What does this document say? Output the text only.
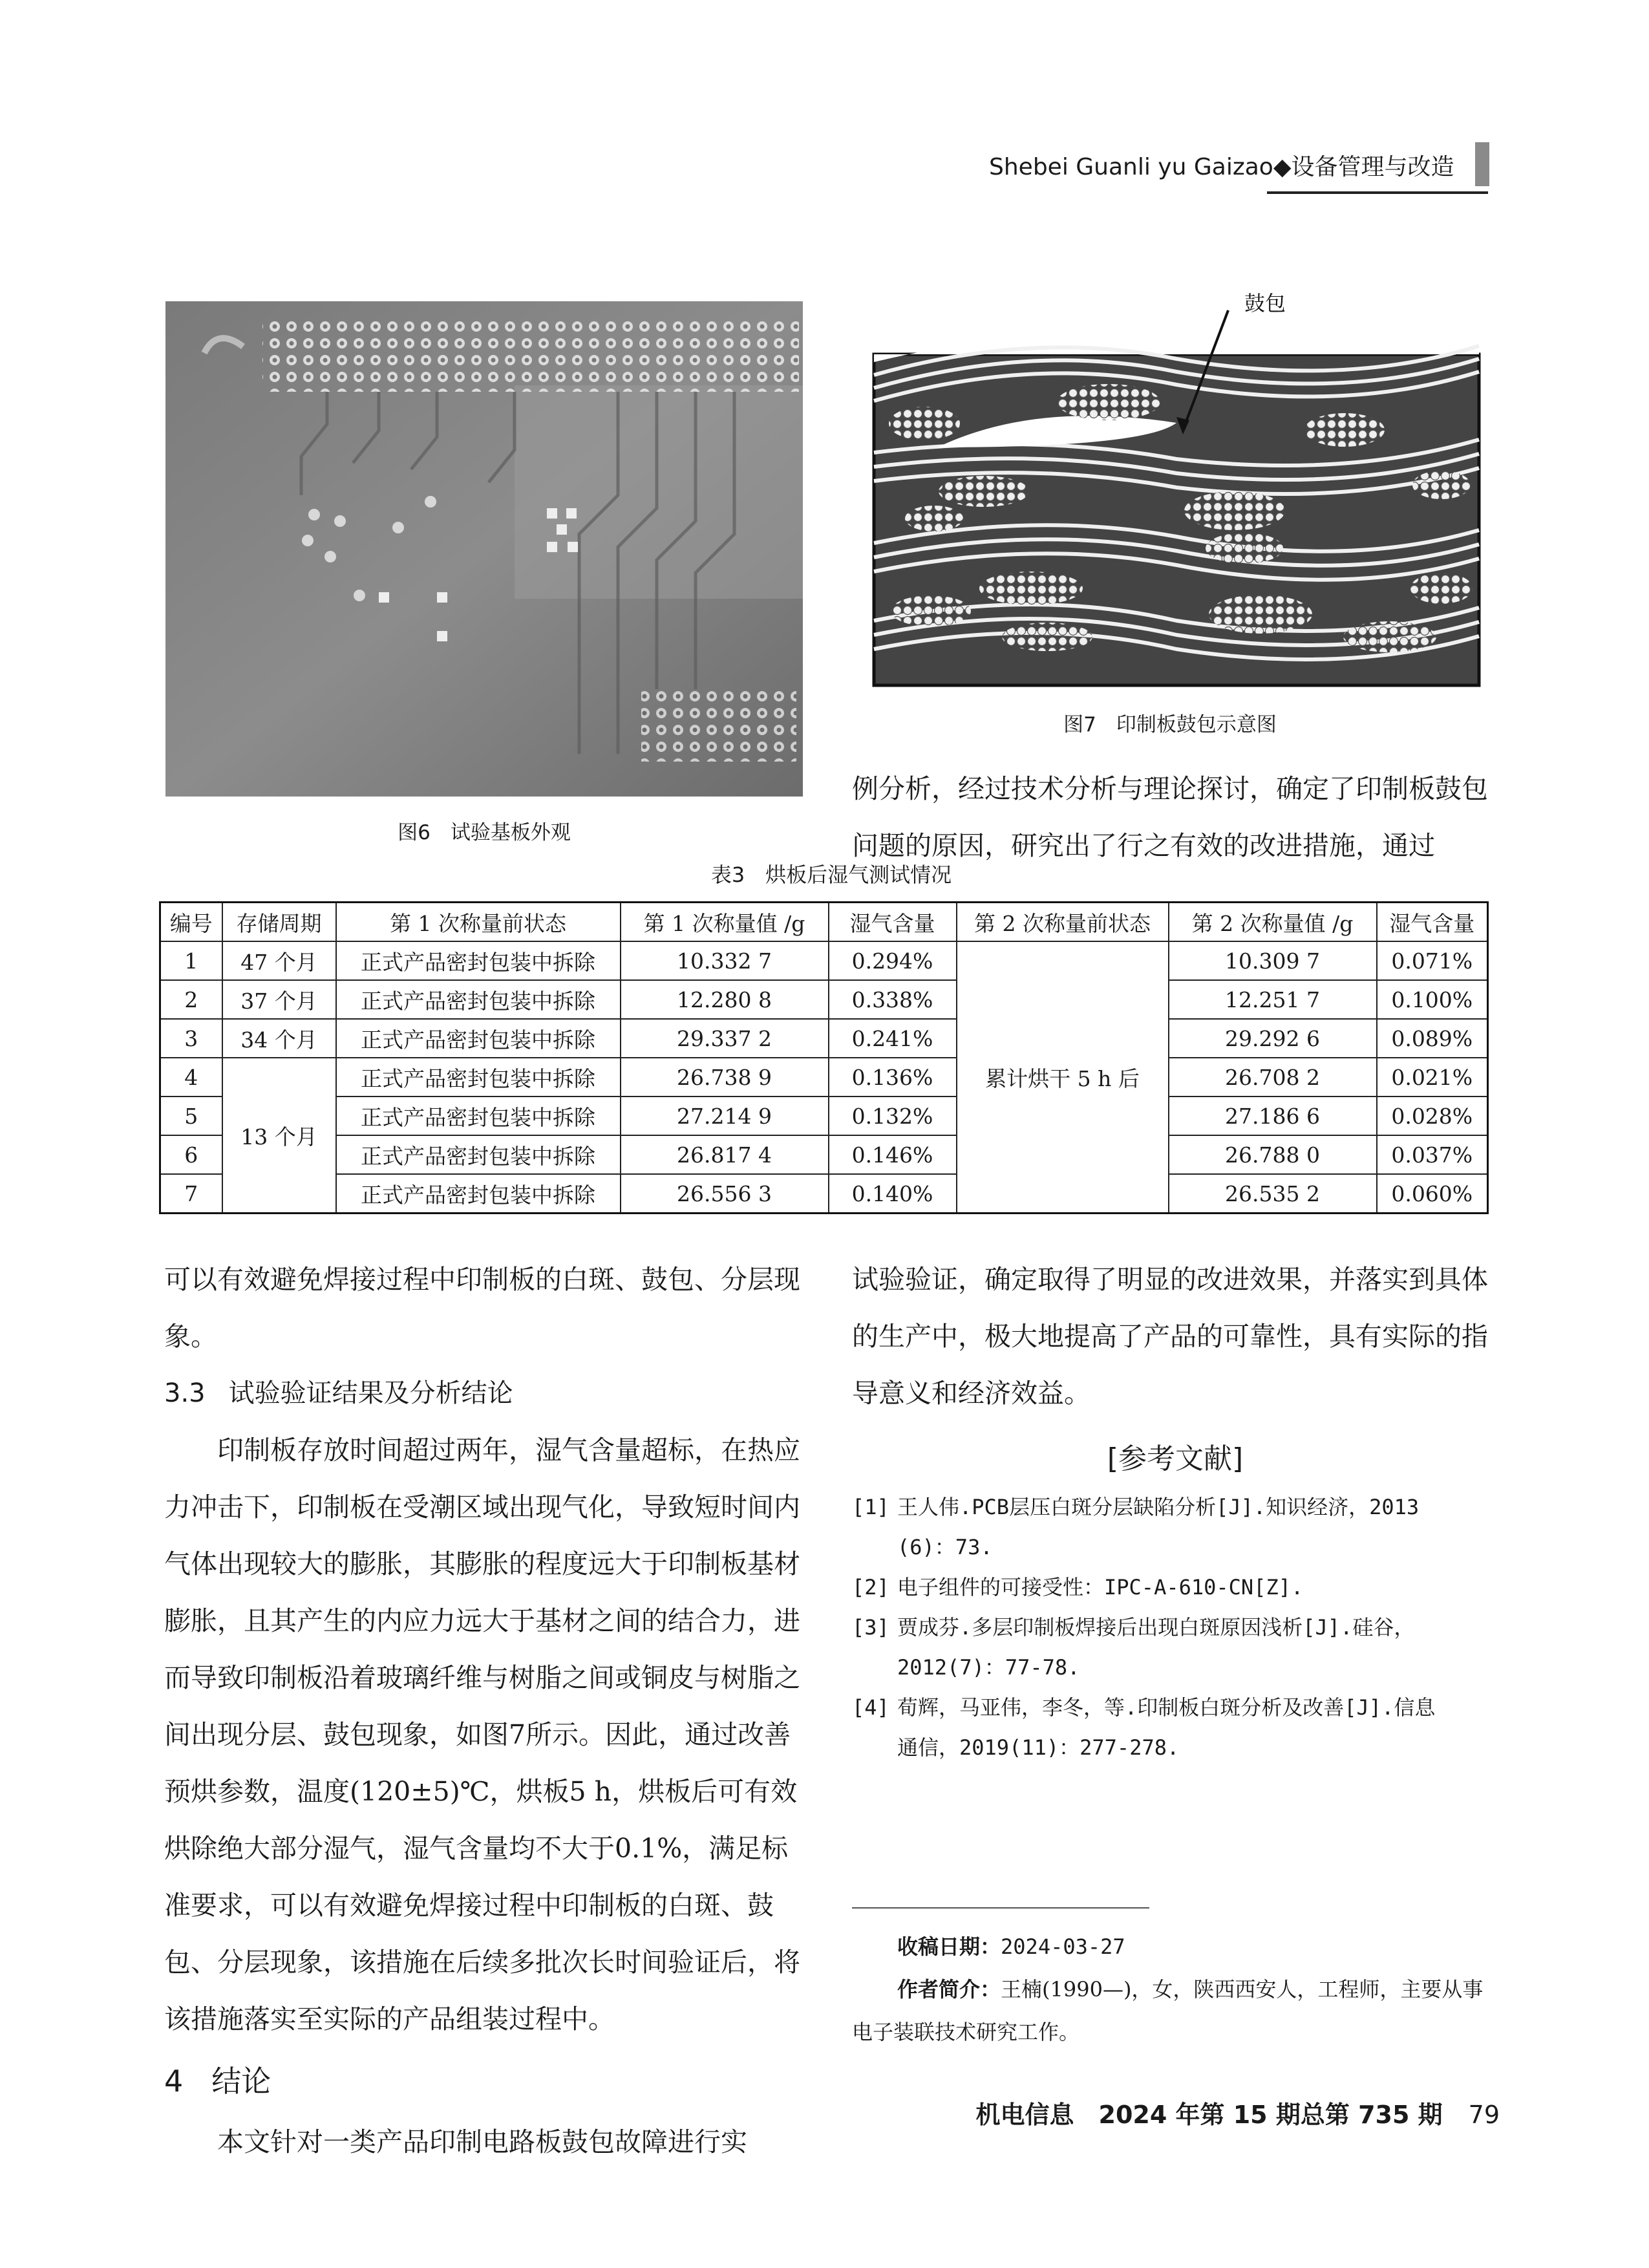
Shebei Guanli yu Gaizao◆设备管理与改造
图6　试验基板外观
鼓包
图7　印制板鼓包示意图

例分析，经过技术分析与理论探讨，确定了印制板鼓包问题的原因，研究出了行之有效的改进措施，通过

表3　烘板后湿气测试情况
编号	存储周期	第 1 次称量前状态	第 1 次称量值 /g	湿气含量	第 2 次称量前状态	第 2 次称量值 /g	湿气含量
1	47 个月	正式产品密封包装中拆除	10.332 7	0.294%	累计烘干 5 h 后	10.309 7	0.071%
2	37 个月	正式产品密封包装中拆除	12.280 8	0.338%		12.251 7	0.100%
3	34 个月	正式产品密封包装中拆除	29.337 2	0.241%		29.292 6	0.089%
4	13 个月	正式产品密封包装中拆除	26.738 9	0.136%		26.708 2	0.021%
5		正式产品密封包装中拆除	27.214 9	0.132%		27.186 6	0.028%
6		正式产品密封包装中拆除	26.817 4	0.146%		26.788 0	0.037%
7		正式产品密封包装中拆除	26.556 3	0.140%		26.535 2	0.060%

可以有效避免焊接过程中印制板的白斑、鼓包、分层现象。

3.3 试验验证结果及分析结论

印制板存放时间超过两年，湿气含量超标，在热应力冲击下，印制板在受潮区域出现气化，导致短时间内气体出现较大的膨胀，其膨胀的程度远大于印制板基材膨胀，且其产生的内应力远大于基材之间的结合力，进而导致印制板沿着玻璃纤维与树脂之间或铜皮与树脂之间出现分层、鼓包现象，如图7所示。因此，通过改善预烘参数，温度(120±5)℃，烘板5 h，烘板后可有效烘除绝大部分湿气，湿气含量均不大于0.1%，满足标准要求，可以有效避免焊接过程中印制板的白斑、鼓包、分层现象，该措施在后续多批次长时间验证后，将该措施落实至实际的产品组装过程中。

4 结论

本文针对一类产品印制电路板鼓包故障进行实

试验验证，确定取得了明显的改进效果，并落实到具体的生产中，极大地提高了产品的可靠性，具有实际的指导意义和经济效益。

[参考文献]
[1] 王人伟.PCB层压白斑分层缺陷分析[J].知识经济，2013
(6)：73.
[2] 电子组件的可接受性：IPC-A-610-CN[Z].
[3] 贾成芬.多层印制板焊接后出现白斑原因浅析[J].硅谷，
2012(7)：77-78.
[4] 荀辉，马亚伟，李冬，等.印制板白斑分析及改善[J].信息
通信，2019(11)：277-278.
收稿日期：2024-03-27
作者简介：王楠(1990—)，女，陕西西安人，工程师，主要从事电子装联技术研究工作。
机电信息　2024 年第 15 期总第 735 期 79
